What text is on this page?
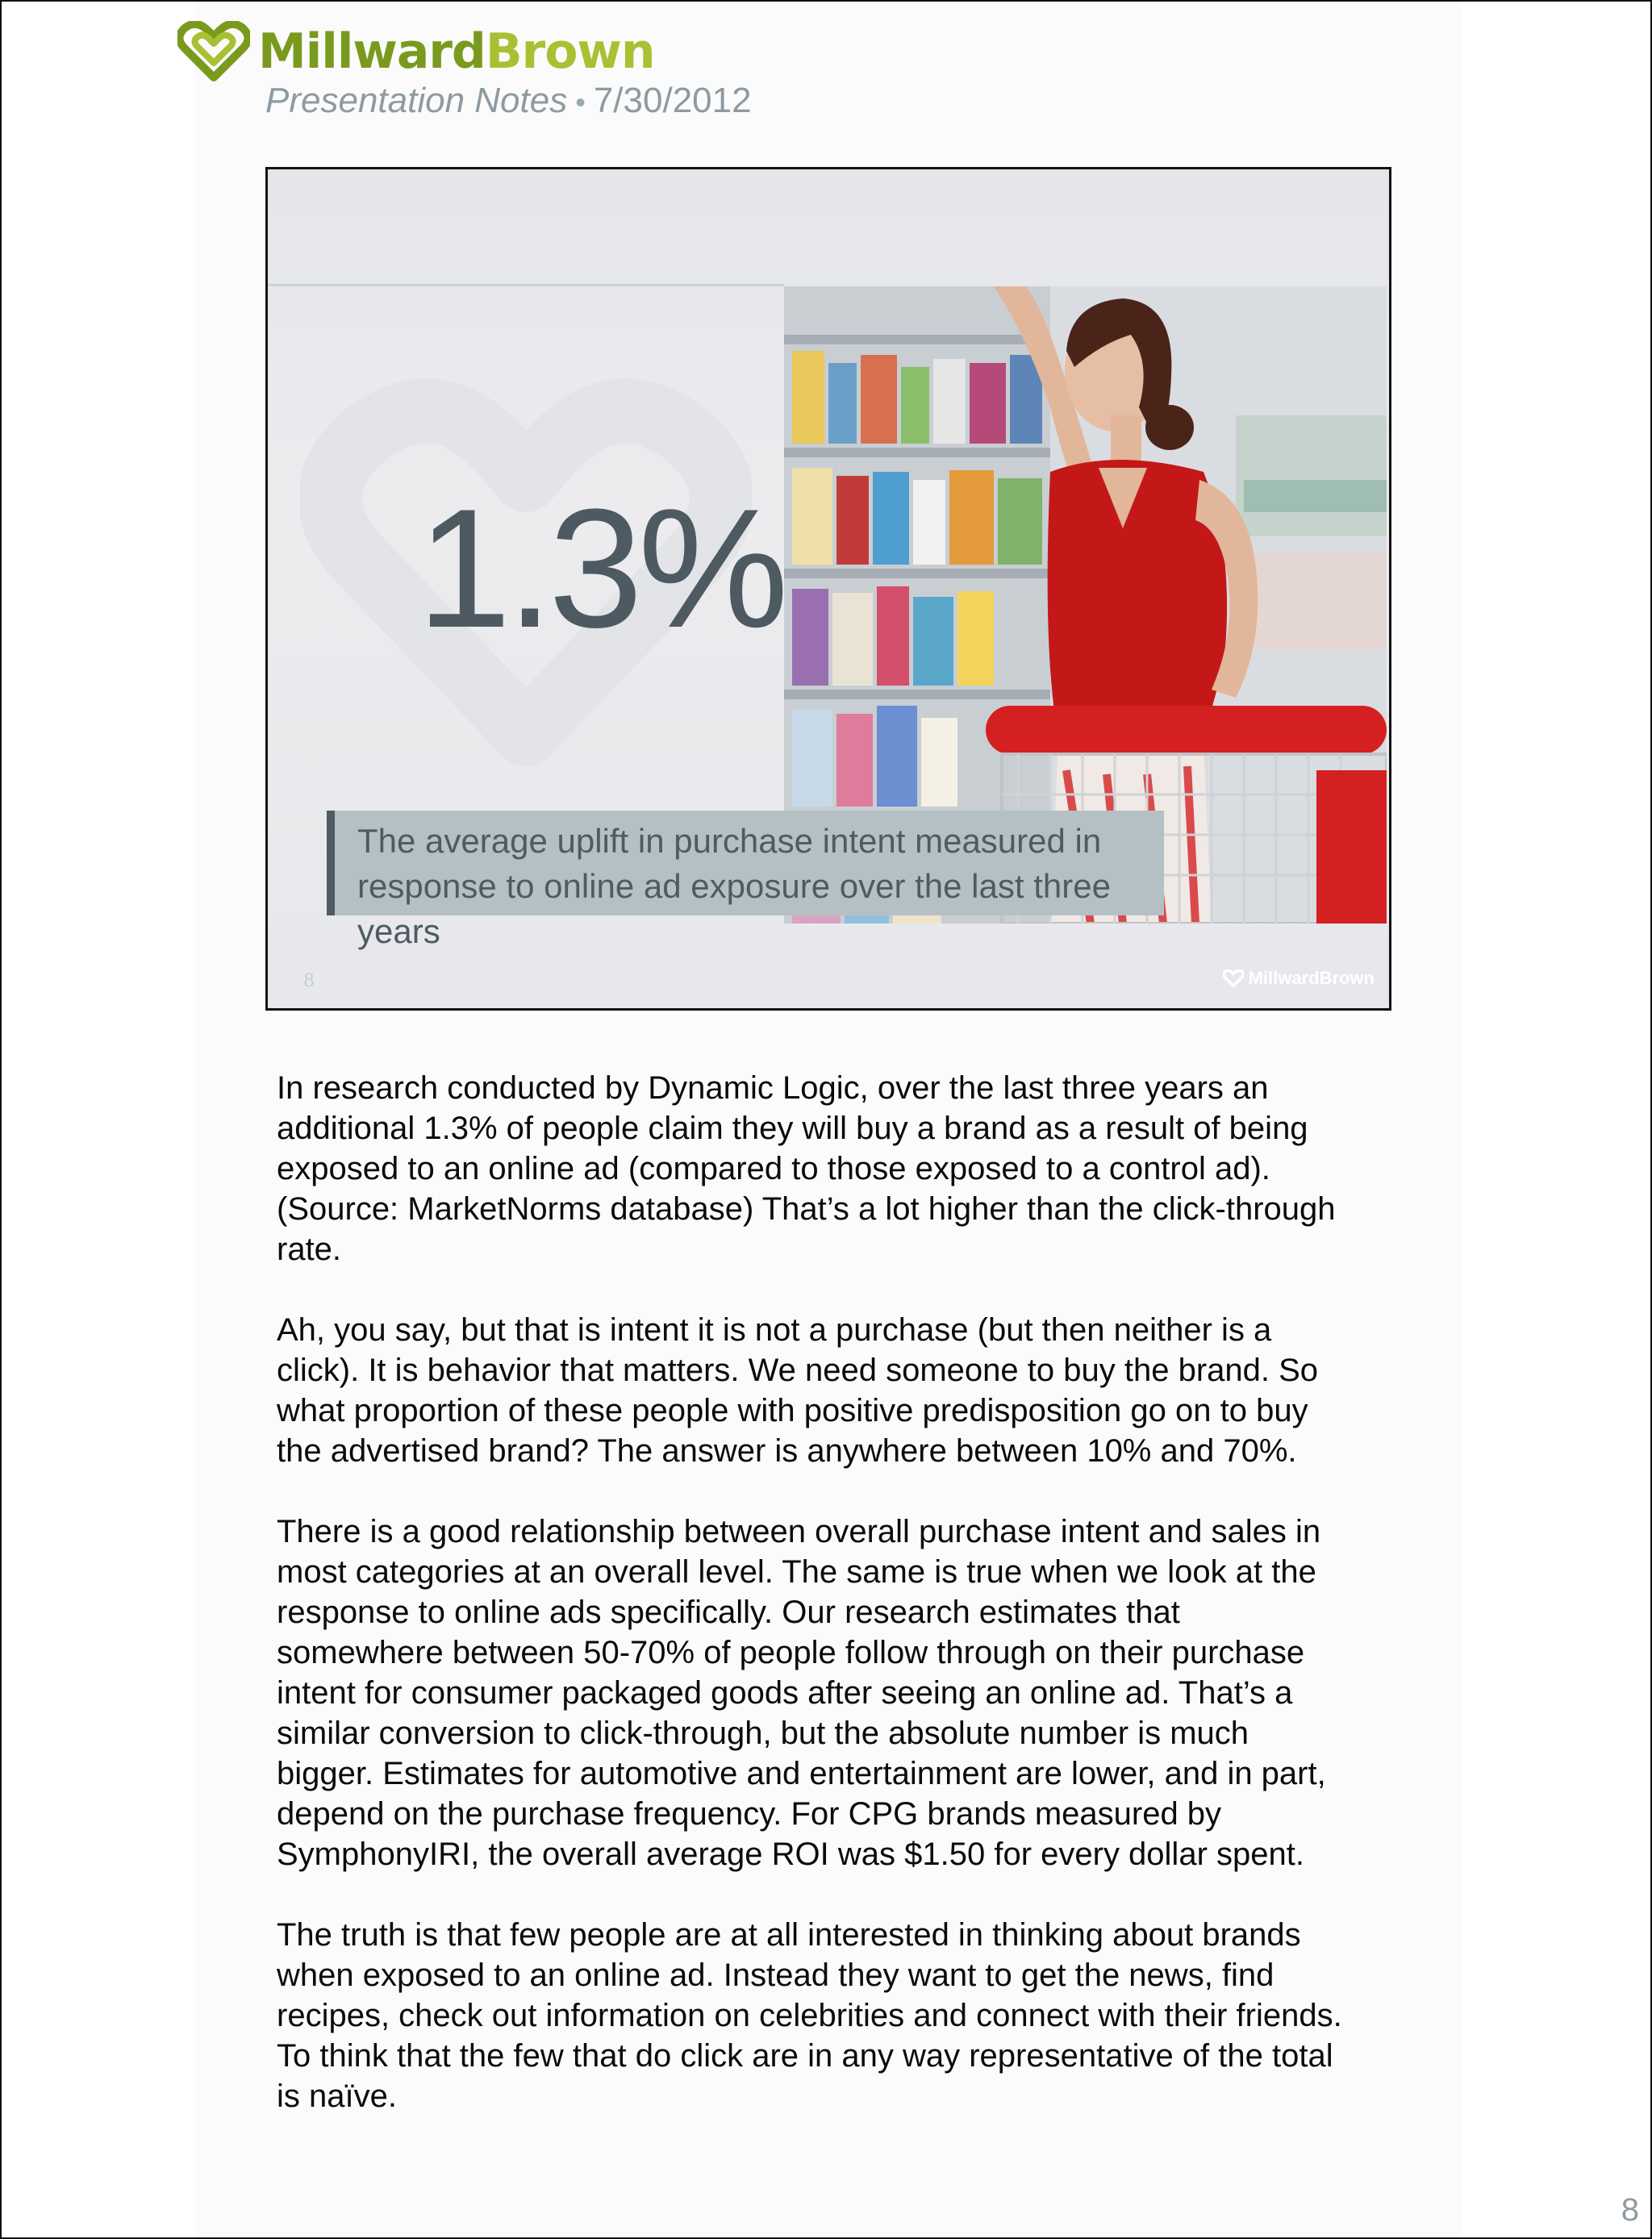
MillwardBrown
Presentation Notes • 7/30/2012
1.3%
The average uplift in purchase intent measured in response to online ad exposure over the last three years
8	MillwardBrown

In research conducted by Dynamic Logic, over the last three years an additional 1.3% of people claim they will buy a brand as a result of being exposed to an online ad (compared to those exposed to a control ad). (Source: MarketNorms database) That’s a lot higher than the click-through rate.

Ah, you say, but that is intent it is not a purchase (but then neither is a click). It is behavior that matters. We need someone to buy the brand. So what proportion of these people with positive predisposition go on to buy the advertised brand? The answer is anywhere between 10% and 70%.

There is a good relationship between overall purchase intent and sales in most categories at an overall level. The same is true when we look at the response to online ads specifically. Our research estimates that somewhere between 50-70% of people follow through on their purchase intent for consumer packaged goods after seeing an online ad. That’s a similar conversion to click-through, but the absolute number is much bigger. Estimates for automotive and entertainment are lower, and in part, depend on the purchase frequency. For CPG brands measured by SymphonyIRI, the overall average ROI was $1.50 for every dollar spent.

The truth is that few people are at all interested in thinking about brands when exposed to an online ad. Instead they want to get the news, find recipes, check out information on celebrities and connect with their friends. To think that the few that do click are in any way representative of the total is naïve.

8
